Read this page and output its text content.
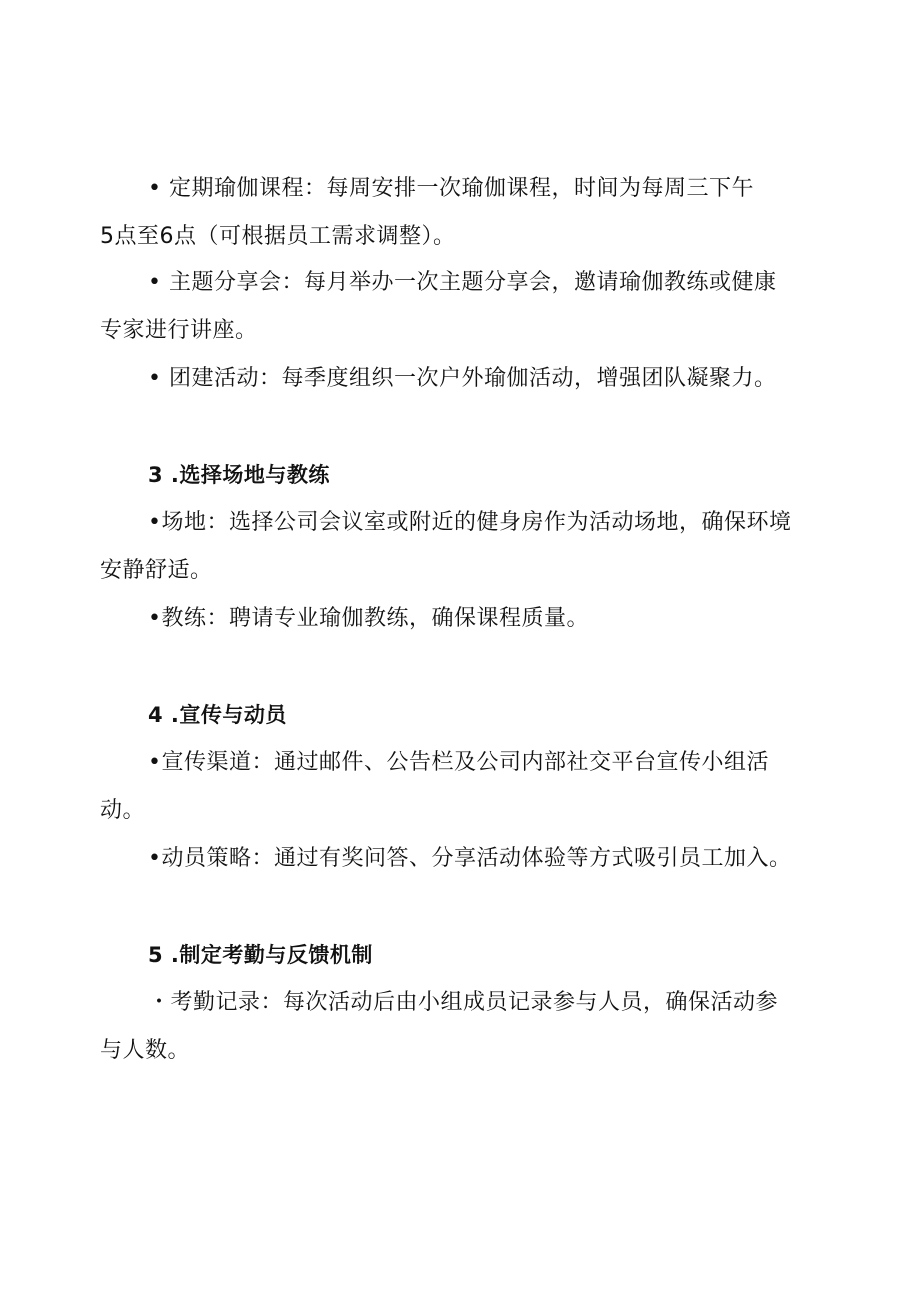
• 定期瑜伽课程：每周安排一次瑜伽课程，时间为每周三下午
5点至6点（可根据员工需求调整）。
• 主题分享会：每月举办一次主题分享会，邀请瑜伽教练或健康
专家进行讲座。
• 团建活动：每季度组织一次户外瑜伽活动，增强团队凝聚力。
3 .选择场地与教练
•场地：选择公司会议室或附近的健身房作为活动场地，确保环境
安静舒适。
•教练：聘请专业瑜伽教练，确保课程质量。
4 .宣传与动员
•宣传渠道：通过邮件、公告栏及公司内部社交平台宣传小组活
动。
•动员策略：通过有奖问答、分享活动体验等方式吸引员工加入。
5 .制定考勤与反馈机制
・考勤记录：每次活动后由小组成员记录参与人员，确保活动参
与人数。
